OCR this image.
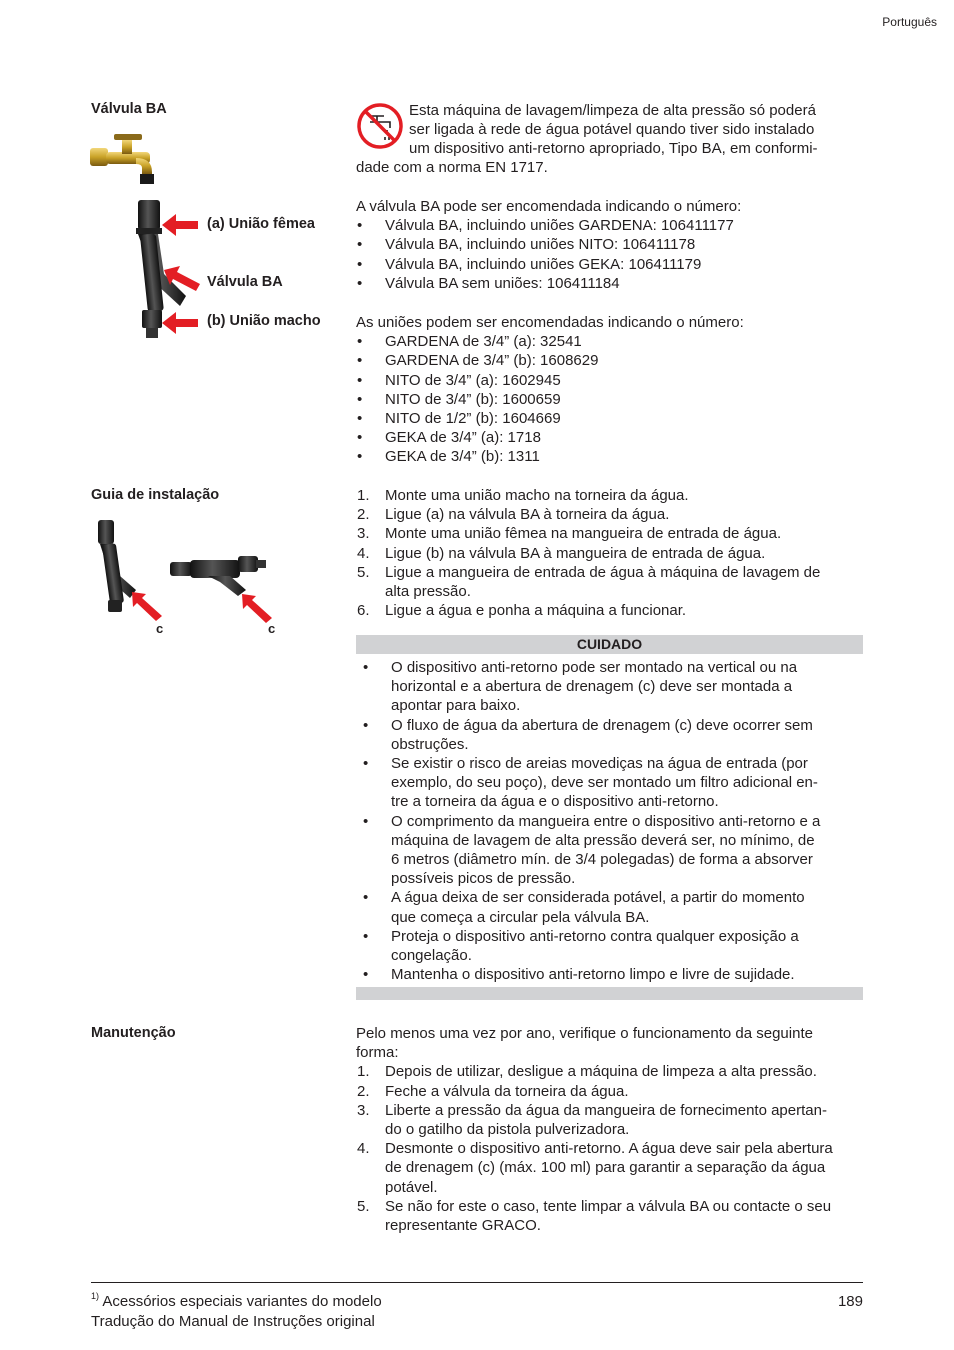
Português
Válvula BA
(a) União fêmea
Válvula BA
(b) União macho
Esta máquina de lavagem/limpeza de alta pressão só poderá
ser ligada à rede de água potável quando tiver sido instalado
um dispositivo anti-retorno apropriado, Tipo BA, em conformi-
dade com a norma EN 1717.

A válvula BA pode ser encomendada indicando o número:

• Válvula BA, incluindo uniões GARDENA: 106411177
• Válvula BA, incluindo uniões NITO: 106411178
• Válvula BA, incluindo uniões GEKA: 106411179
• Válvula BA sem uniões: 106411184

As uniões podem ser encomendadas indicando o número:

• GARDENA de 3/4” (a): 32541
• GARDENA de 3/4” (b): 1608629
• NITO de 3/4” (a): 1602945
• NITO de 3/4” (b): 1600659
• NITO de 1/2” (b): 1604669
• GEKA de 3/4” (a): 1718
• GEKA de 3/4” (b): 1311
Guia de instalação
c	c
Monte uma união macho na torneira da água.
Ligue (a) na válvula BA à torneira da água.
Monte uma união fêmea na mangueira de entrada de água.
Ligue (b) na válvula BA à mangueira de entrada de água.
Ligue a mangueira de entrada de água à máquina de lavagem de
alta pressão.
Ligue a água e ponha a máquina a funcionar.
CUIDADO
• O dispositivo anti-retorno pode ser montado na vertical ou na
horizontal e a abertura de drenagem (c) deve ser montada a
apontar para baixo.
• O fluxo de água da abertura de drenagem (c) deve ocorrer sem
obstruções.
• Se existir o risco de areias movediças na água de entrada (por
exemplo, do seu poço), deve ser montado um filtro adicional en-
tre a torneira da água e o dispositivo anti-retorno.
• O comprimento da mangueira entre o dispositivo anti-retorno e a
máquina de lavagem de alta pressão deverá ser, no mínimo, de
6 metros (diâmetro mín. de 3/4 polegadas) de forma a absorver
possíveis picos de pressão.
• A água deixa de ser considerada potável, a partir do momento
que começa a circular pela válvula BA.
• Proteja o dispositivo anti-retorno contra qualquer exposição a
congelação.
• Mantenha o dispositivo anti-retorno limpo e livre de sujidade.
Manutenção	Pelo menos uma vez por ano, verifique o funcionamento da seguinte
forma:

Depois de utilizar, desligue a máquina de limpeza a alta pressão.
Feche a válvula da torneira da água.
Liberte a pressão da água da mangueira de fornecimento apertan-
do o gatilho da pistola pulverizadora.
Desmonte o dispositivo anti-retorno. A água deve sair pela abertura
de drenagem (c) (máx. 100 ml) para garantir a separação da água
potável.
Se não for este o caso, tente limpar a válvula BA ou contacte o seu
representante GRACO.
$^{1)}$ Acessórios especiais variantes do modelo
Tradução do Manual de Instruções original
189
